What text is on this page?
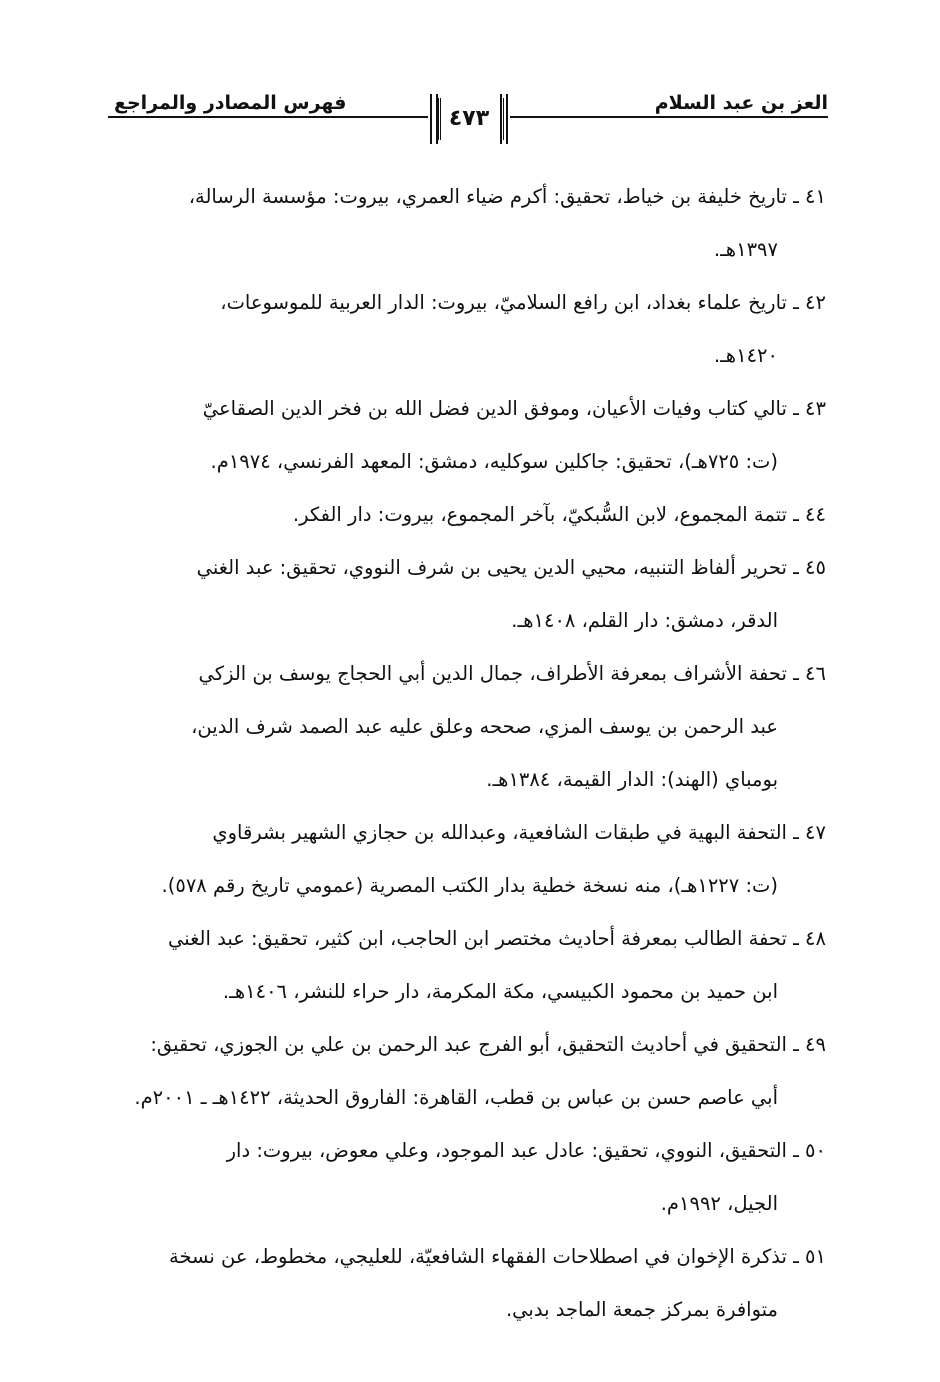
العز بن عبد السلام
فهرس المصادر والمراجع
٤٧٣
٤١ ـ تاريخ خليفة بن خياط، تحقيق: أكرم ضياء العمري، بيروت: مؤسسة الرسالة،
١٣٩٧هـ.
٤٢ ـ تاريخ علماء بغداد، ابن رافع السلاميّ، بيروت: الدار العربية للموسوعات،
١٤٢٠هـ.
٤٣ ـ تالي كتاب وفيات الأعيان، وموفق الدين فضل الله بن فخر الدين الصقاعيّ
(ت: ٧٢٥هـ)، تحقيق: جاكلين سوكليه، دمشق: المعهد الفرنسي، ١٩٧٤م.
٤٤ ـ تتمة المجموع، لابن السُّبكيّ، بآخر المجموع، بيروت: دار الفكر.
٤٥ ـ تحرير ألفاظ التنبيه، محيي الدين يحيى بن شرف النووي، تحقيق: عبد الغني
الدقر، دمشق: دار القلم، ١٤٠٨هـ.
٤٦ ـ تحفة الأشراف بمعرفة الأطراف، جمال الدين أبي الحجاج يوسف بن الزكي
عبد الرحمن بن يوسف المزي، صححه وعلق عليه عبد الصمد شرف الدين،
بومباي (الهند): الدار القيمة، ١٣٨٤هـ.
٤٧ ـ التحفة البهية في طبقات الشافعية، وعبدالله بن حجازي الشهير بشرقاوي
(ت: ١٢٢٧هـ)، منه نسخة خطية بدار الكتب المصرية (عمومي تاريخ رقم ٥٧٨).
٤٨ ـ تحفة الطالب بمعرفة أحاديث مختصر ابن الحاجب، ابن كثير، تحقيق: عبد الغني
ابن حميد بن محمود الكبيسي، مكة المكرمة، دار حراء للنشر، ١٤٠٦هـ.
٤٩ ـ التحقيق في أحاديث التحقيق، أبو الفرج عبد الرحمن بن علي بن الجوزي، تحقيق:
أبي عاصم حسن بن عباس بن قطب، القاهرة: الفاروق الحديثة، ١٤٢٢هـ ـ ٢٠٠١م.
٥٠ ـ التحقيق، النووي، تحقيق: عادل عبد الموجود، وعلي معوض، بيروت: دار
الجيل، ١٩٩٢م.
٥١ ـ تذكرة الإخوان في اصطلاحات الفقهاء الشافعيّة، للعليجي، مخطوط، عن نسخة
متوافرة بمركز جمعة الماجد بدبي.
